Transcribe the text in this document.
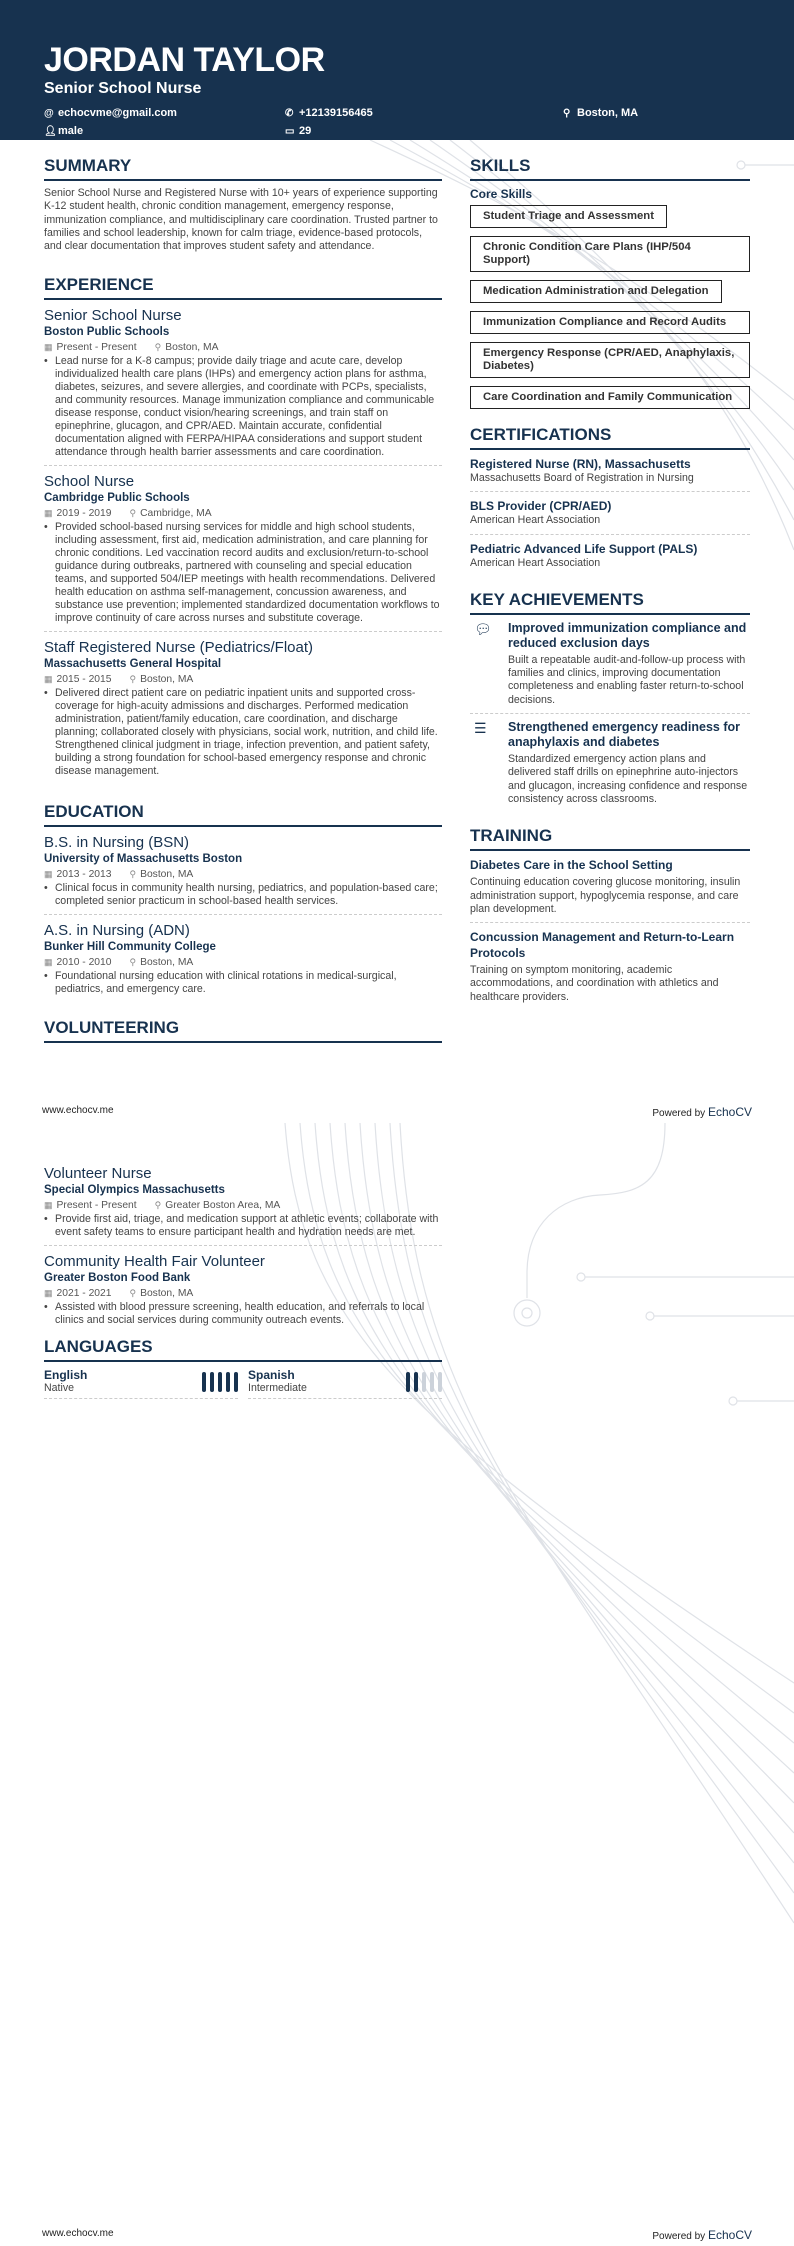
JORDAN TAYLOR
Senior School Nurse
@ echocvme@gmail.com	✆ +12139156465	⚲ Boston, MA
👤︎male	▭ 29
SUMMARY
Senior School Nurse and Registered Nurse with 10+ years of experience supporting K-12 student health, chronic condition management, emergency response, immunization compliance, and multidisciplinary care coordination. Trusted partner to families and school leadership, known for calm triage, evidence-based protocols, and clear documentation that improves student safety and attendance.
EXPERIENCE
Senior School Nurse
Boston Public Schools
▦ Present - Present ⚲ Boston, MA
• Lead nurse for a K-8 campus; provide daily triage and acute care, develop individualized health care plans (IHPs) and emergency action plans for asthma, diabetes, seizures, and severe allergies, and coordinate with PCPs, specialists, and community resources. Manage immunization compliance and communicable disease response, conduct vision/hearing screenings, and train staff on epinephrine, glucagon, and CPR/AED. Maintain accurate, confidential documentation aligned with FERPA/HIPAA considerations and support student attendance through health barrier assessments and care coordination.
School Nurse
Cambridge Public Schools
▦ 2019 - 2019 ⚲ Cambridge, MA
• Provided school-based nursing services for middle and high school students, including assessment, first aid, medication administration, and care planning for chronic conditions. Led vaccination record audits and exclusion/return-to-school guidance during outbreaks, partnered with counseling and special education teams, and supported 504/IEP meetings with health recommendations. Delivered health education on asthma self-management, concussion awareness, and substance use prevention; implemented standardized documentation workflows to improve continuity of care across nurses and substitute coverage.
Staff Registered Nurse (Pediatrics/Float)
Massachusetts General Hospital
▦ 2015 - 2015 ⚲ Boston, MA
• Delivered direct patient care on pediatric inpatient units and supported cross-coverage for high-acuity admissions and discharges. Performed medication administration, patient/family education, care coordination, and discharge planning; collaborated closely with physicians, social work, nutrition, and child life. Strengthened clinical judgment in triage, infection prevention, and patient safety, building a strong foundation for school-based emergency response and chronic disease management.
EDUCATION
B.S. in Nursing (BSN)
University of Massachusetts Boston
▦ 2013 - 2013 ⚲ Boston, MA
• Clinical focus in community health nursing, pediatrics, and population-based care; completed senior practicum in school-based health services.
A.S. in Nursing (ADN)
Bunker Hill Community College
▦ 2010 - 2010 ⚲ Boston, MA
• Foundational nursing education with clinical rotations in medical-surgical, pediatrics, and emergency care.
VOLUNTEERING
SKILLS
Core Skills
Student Triage and Assessment
Chronic Condition Care Plans (IHP/504 Support)
Medication Administration and Delegation
Immunization Compliance and Record Audits
Emergency Response (CPR/AED, Anaphylaxis, Diabetes)
Care Coordination and Family Communication
CERTIFICATIONS
Registered Nurse (RN), Massachusetts
Massachusetts Board of Registration in Nursing
BLS Provider (CPR/AED)
American Heart Association
Pediatric Advanced Life Support (PALS)
American Heart Association
KEY ACHIEVEMENTS
💬︎	Improved immunization compliance and reduced exclusion days
Built a repeatable audit-and-follow-up process with families and clinics, improving documentation completeness and enabling faster return-to-school decisions.
☰	Strengthened emergency readiness for anaphylaxis and diabetes
Standardized emergency action plans and delivered staff drills on epinephrine auto-injectors and glucagon, increasing confidence and response consistency across classrooms.
TRAINING
Diabetes Care in the School Setting
Continuing education covering glucose monitoring, insulin administration support, hypoglycemia response, and care plan development.
Concussion Management and Return-to-Learn Protocols
Training on symptom monitoring, academic accommodations, and coordination with athletics and healthcare providers.
www.echocv.me	Powered by EchoCV
Volunteer Nurse
Special Olympics Massachusetts
▦ Present - Present ⚲ Greater Boston Area, MA
• Provide first aid, triage, and medication support at athletic events; collaborate with event safety teams to ensure participant health and hydration needs are met.
Community Health Fair Volunteer
Greater Boston Food Bank
▦ 2021 - 2021 ⚲ Boston, MA
• Assisted with blood pressure screening, health education, and referrals to local clinics and social services during community outreach events.
LANGUAGES
English
Native
Spanish
Intermediate
www.echocv.me	Powered by EchoCV
